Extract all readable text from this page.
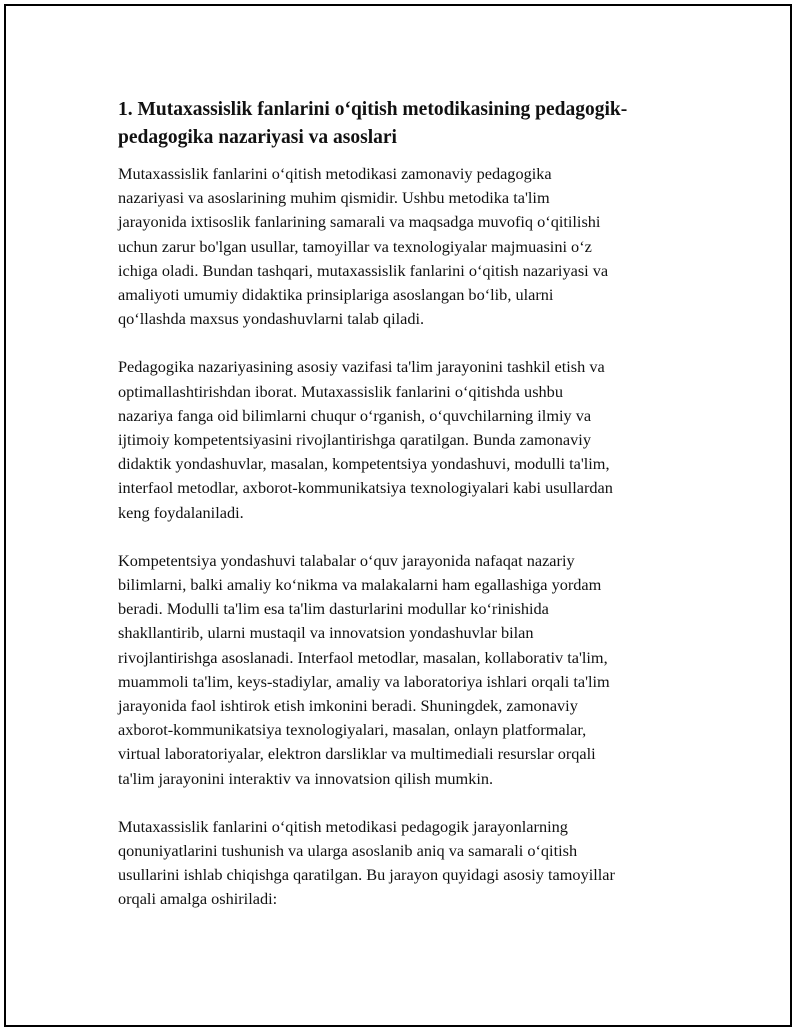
1. Mutaxassislik fanlarini o‘qitish metodikasining pedagogik-
pedagogika nazariyasi va asoslari

Mutaxassislik fanlarini o‘qitish metodikasi zamonaviy pedagogika
nazariyasi va asoslarining muhim qismidir. Ushbu metodika ta'lim
jarayonida ixtisoslik fanlarining samarali va maqsadga muvofiq o‘qitilishi
uchun zarur bo'lgan usullar, tamoyillar va texnologiyalar majmuasini o‘z
ichiga oladi. Bundan tashqari, mutaxassislik fanlarini o‘qitish nazariyasi va
amaliyoti umumiy didaktika prinsiplariga asoslangan bo‘lib, ularni
qo‘llashda maxsus yondashuvlarni talab qiladi.

Pedagogika nazariyasining asosiy vazifasi ta'lim jarayonini tashkil etish va
optimallashtirishdan iborat. Mutaxassislik fanlarini o‘qitishda ushbu
nazariya fanga oid bilimlarni chuqur o‘rganish, o‘quvchilarning ilmiy va
ijtimoiy kompetentsiyasini rivojlantirishga qaratilgan. Bunda zamonaviy
didaktik yondashuvlar, masalan, kompetentsiya yondashuvi, modulli ta'lim,
interfaol metodlar, axborot-kommunikatsiya texnologiyalari kabi usullardan
keng foydalaniladi.

Kompetentsiya yondashuvi talabalar o‘quv jarayonida nafaqat nazariy
bilimlarni, balki amaliy ko‘nikma va malakalarni ham egallashiga yordam
beradi. Modulli ta'lim esa ta'lim dasturlarini modullar ko‘rinishida
shakllantirib, ularni mustaqil va innovatsion yondashuvlar bilan
rivojlantirishga asoslanadi. Interfaol metodlar, masalan, kollaborativ ta'lim,
muammoli ta'lim, keys-stadiylar, amaliy va laboratoriya ishlari orqali ta'lim
jarayonida faol ishtirok etish imkonini beradi. Shuningdek, zamonaviy
axborot-kommunikatsiya texnologiyalari, masalan, onlayn platformalar,
virtual laboratoriyalar, elektron darsliklar va multimediali resurslar orqali
ta'lim jarayonini interaktiv va innovatsion qilish mumkin.

Mutaxassislik fanlarini o‘qitish metodikasi pedagogik jarayonlarning
qonuniyatlarini tushunish va ularga asoslanib aniq va samarali o‘qitish
usullarini ishlab chiqishga qaratilgan. Bu jarayon quyidagi asosiy tamoyillar
orqali amalga oshiriladi:
